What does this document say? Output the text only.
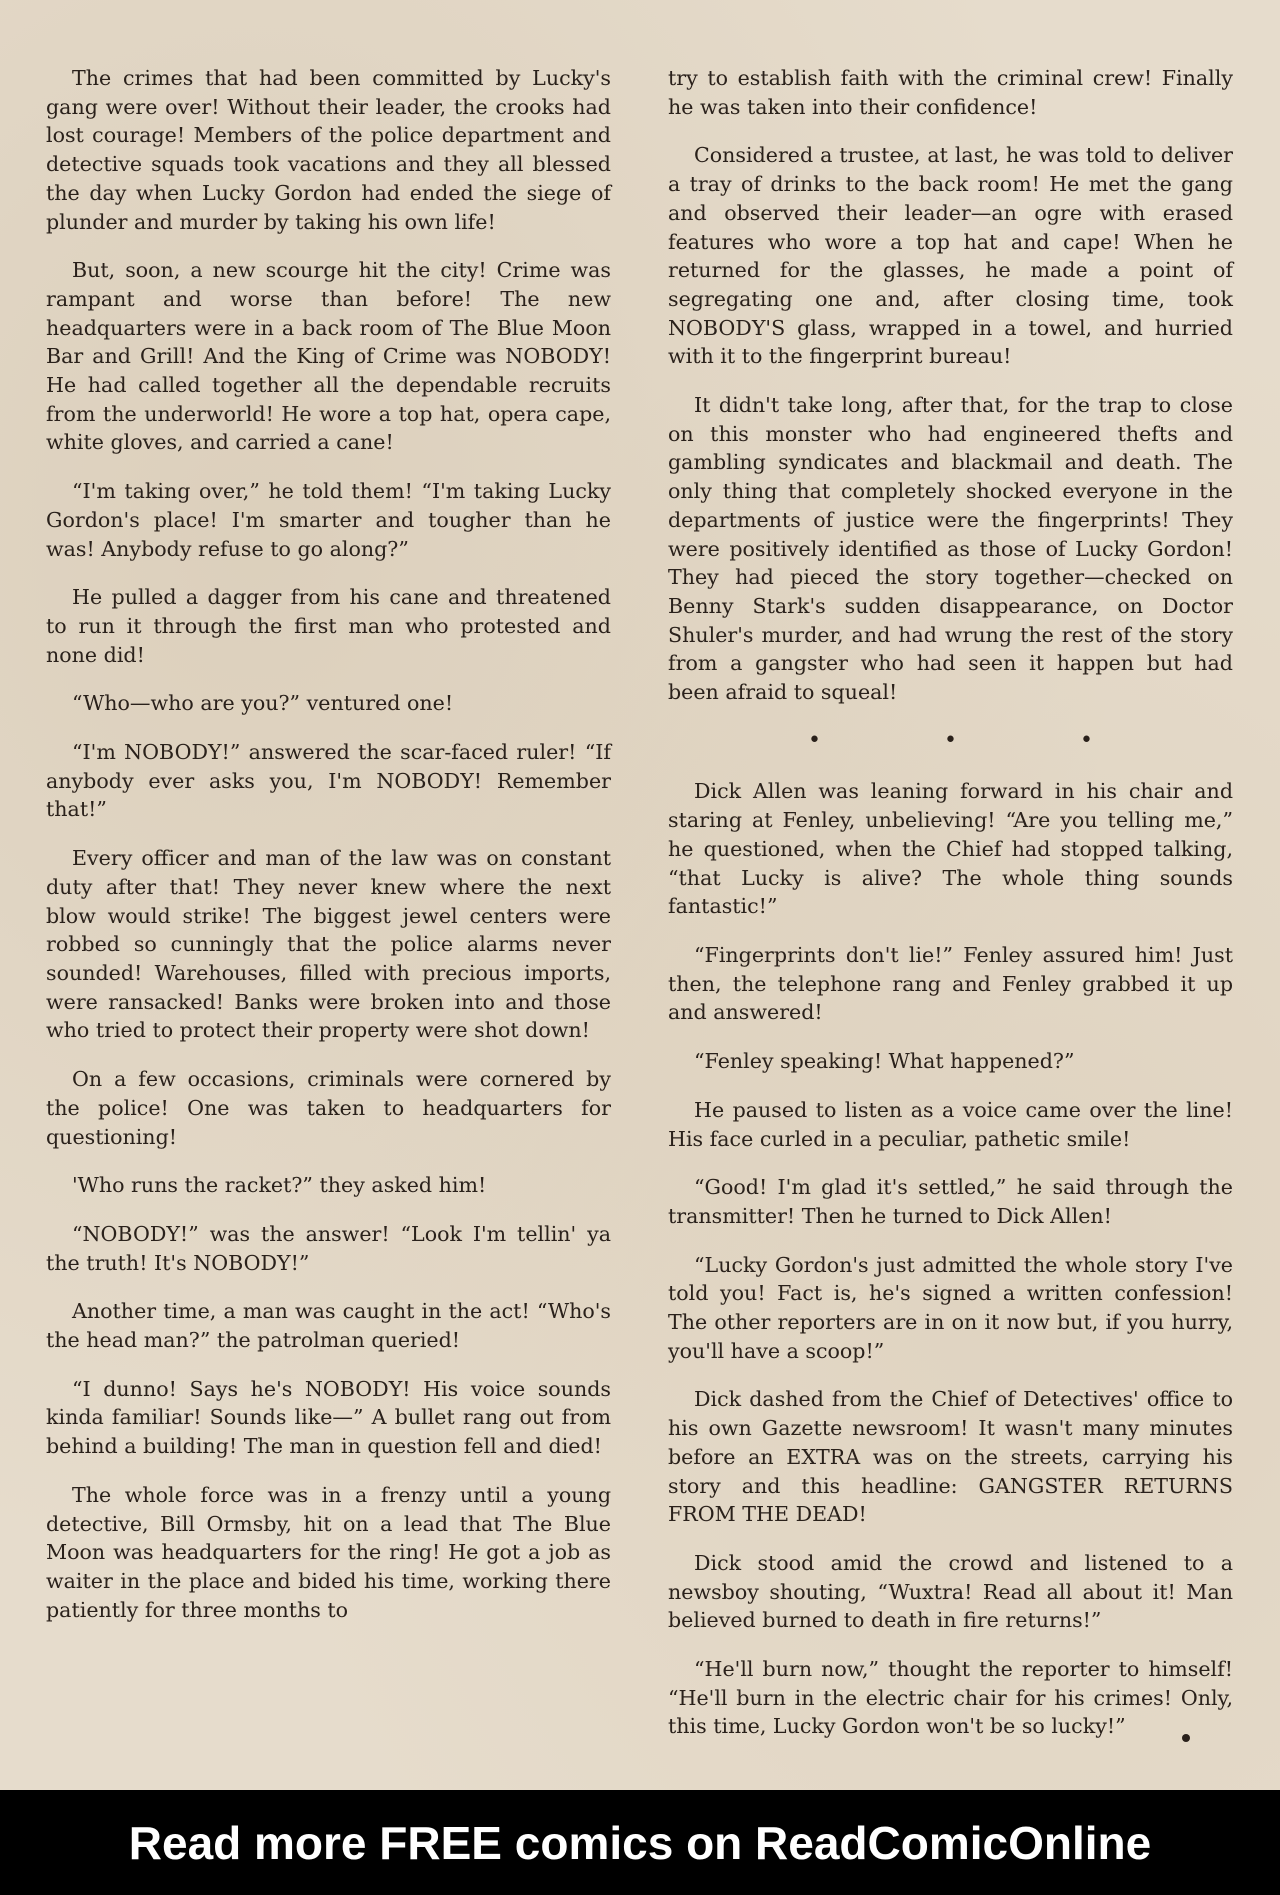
The crimes that had been committed by Lucky's gang were over! Without their leader, the crooks had lost courage! Members of the police department and detective squads took vacations and they all blessed the day when Lucky Gordon had ended the siege of plunder and murder by taking his own life!

But, soon, a new scourge hit the city! Crime was rampant and worse than before! The new headquarters were in a back room of The Blue Moon Bar and Grill! And the King of Crime was NOBODY! He had called together all the dependable recruits from the underworld! He wore a top hat, opera cape, white gloves, and carried a cane!

“I'm taking over,” he told them! “I'm taking Lucky Gordon's place! I'm smarter and tougher than he was! Anybody refuse to go along?”

He pulled a dagger from his cane and threatened to run it through the first man who protested and none did!

“Who—who are you?” ventured one!

“I'm NOBODY!” answered the scar-faced ruler! “If anybody ever asks you, I'm NOBODY! Remember that!”

Every officer and man of the law was on constant duty after that! They never knew where the next blow would strike! The biggest jewel centers were robbed so cunningly that the police alarms never sounded! Warehouses, filled with precious imports, were ransacked! Banks were broken into and those who tried to protect their property were shot down!

On a few occasions, criminals were cornered by the police! One was taken to headquarters for questioning!

'Who runs the racket?” they asked him!

“NOBODY!” was the answer! “Look I'm tellin' ya the truth! It's NOBODY!”

Another time, a man was caught in the act! “Who's the head man?” the patrolman queried!

“I dunno! Says he's NOBODY! His voice sounds kinda familiar! Sounds like—” A bullet rang out from behind a building! The man in question fell and died!

The whole force was in a frenzy until a young detective, Bill Ormsby, hit on a lead that The Blue Moon was headquarters for the ring! He got a job as waiter in the place and bided his time, working there patiently for three months to

try to establish faith with the criminal crew! Finally he was taken into their confidence!

Considered a trustee, at last, he was told to deliver a tray of drinks to the back room! He met the gang and observed their leader—an ogre with erased features who wore a top hat and cape! When he returned for the glasses, he made a point of segregating one and, after closing time, took NOBODY'S glass, wrapped in a towel, and hurried with it to the fingerprint bureau!

It didn't take long, after that, for the trap to close on this monster who had engineered thefts and gambling syndicates and blackmail and death. The only thing that completely shocked everyone in the departments of justice were the fingerprints! They were positively identified as those of Lucky Gordon! They had pieced the story together—checked on Benny Stark's sudden disappearance, on Doctor Shuler's murder, and had wrung the rest of the story from a gangster who had seen it happen but had been afraid to squeal!

• • •

Dick Allen was leaning forward in his chair and staring at Fenley, unbelieving! “Are you telling me,” he questioned, when the Chief had stopped talking, “that Lucky is alive? The whole thing sounds fantastic!”

“Fingerprints don't lie!” Fenley assured him! Just then, the telephone rang and Fenley grabbed it up and answered!

“Fenley speaking! What happened?”

He paused to listen as a voice came over the line! His face curled in a peculiar, pathetic smile!

“Good! I'm glad it's settled,” he said through the transmitter! Then he turned to Dick Allen!

“Lucky Gordon's just admitted the whole story I've told you! Fact is, he's signed a written confession! The other reporters are in on it now but, if you hurry, you'll have a scoop!”

Dick dashed from the Chief of Detectives' office to his own Gazette newsroom! It wasn't many minutes before an EXTRA was on the streets, carrying his story and this headline: GANGSTER RETURNS FROM THE DEAD!

Dick stood amid the crowd and listened to a newsboy shouting, “Wuxtra! Read all about it! Man believed burned to death in fire returns!”

“He'll burn now,” thought the reporter to himself! “He'll burn in the electric chair for his crimes! Only, this time, Lucky Gordon won't be so lucky!”

Read more FREE comics on ReadComicOnline
